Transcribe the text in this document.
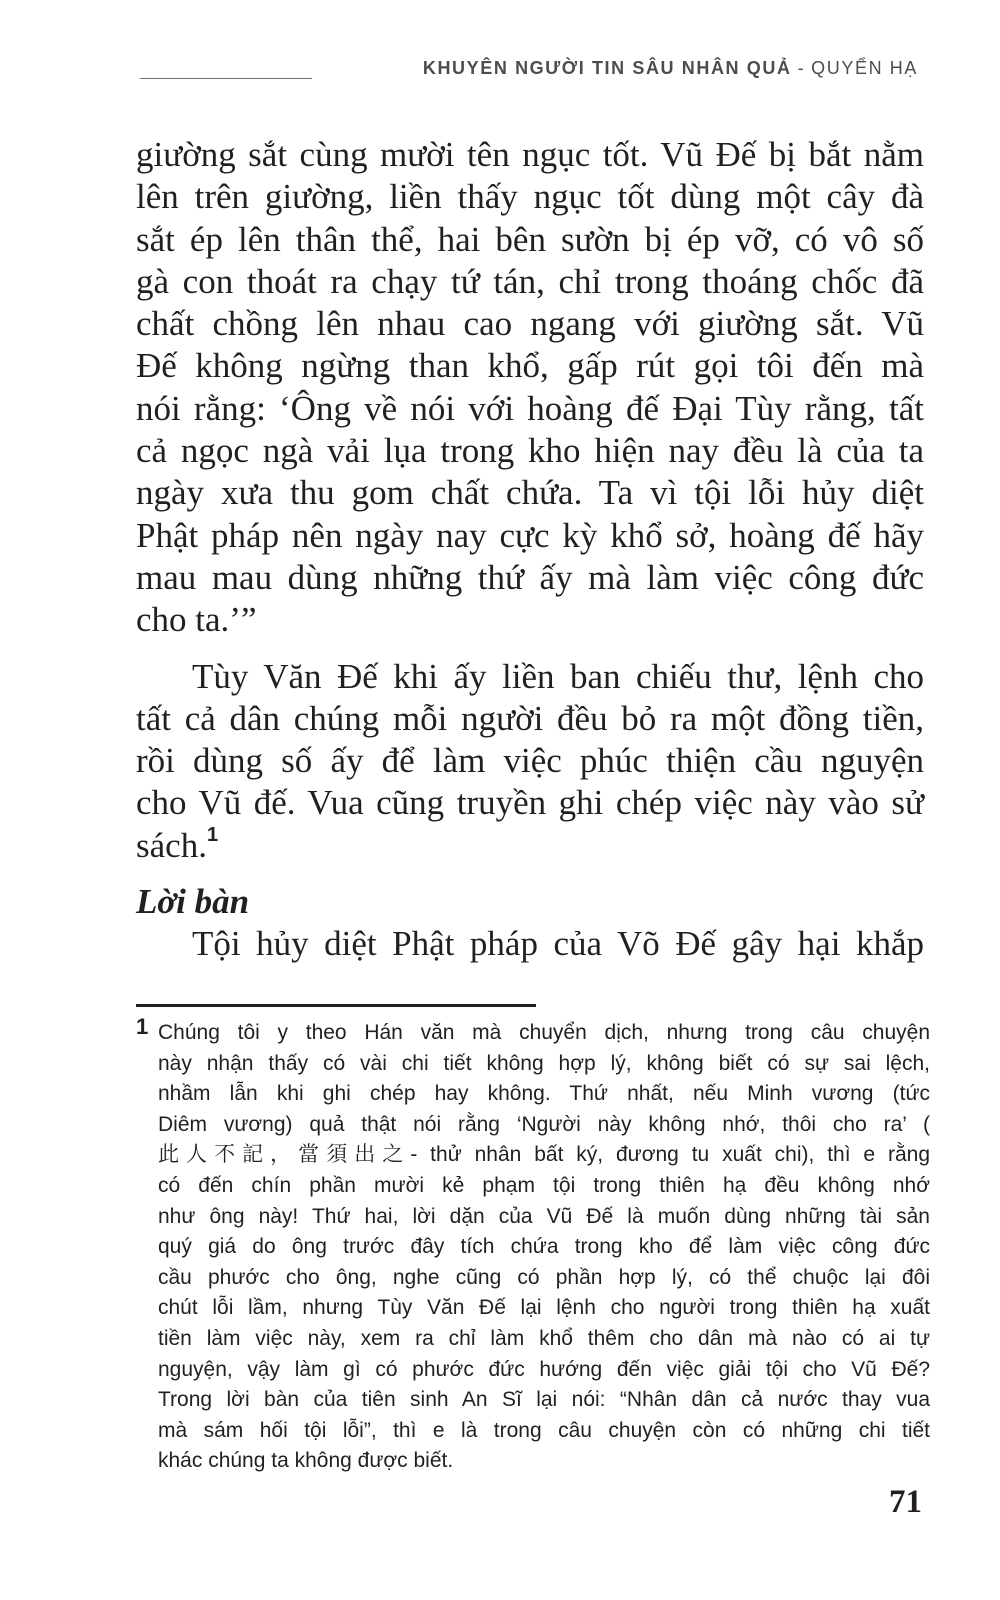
KHUYÊN NGƯỜI TIN SÂU NHÂN QUẢ - QUYỂN HẠ
giường sắt cùng mười tên ngục tốt. Vũ Đế bị bắt nằm
lên trên giường, liền thấy ngục tốt dùng một cây đà
sắt ép lên thân thể, hai bên sườn bị ép vỡ, có vô số
gà con thoát ra chạy tứ tán, chỉ trong thoáng chốc đã
chất chồng lên nhau cao ngang với giường sắt. Vũ
Đế không ngừng than khổ, gấp rút gọi tôi đến mà
nói rằng: ‘Ông về nói với hoàng đế Đại Tùy rằng, tất
cả ngọc ngà vải lụa trong kho hiện nay đều là của ta
ngày xưa thu gom chất chứa. Ta vì tội lỗi hủy diệt
Phật pháp nên ngày nay cực kỳ khổ sở, hoàng đế hãy
mau mau dùng những thứ ấy mà làm việc công đức
cho ta.’”
Tùy Văn Đế khi ấy liền ban chiếu thư, lệnh cho
tất cả dân chúng mỗi người đều bỏ ra một đồng tiền,
rồi dùng số ấy để làm việc phúc thiện cầu nguyện
cho Vũ đế. Vua cũng truyền ghi chép việc này vào sử
sách.$^1$
Lời bàn
Tội hủy diệt Phật pháp của Võ Đế gây hại khắp
1 Chúng tôi y theo Hán văn mà chuyển dịch, nhưng trong câu chuyện
này nhận thấy có vài chi tiết không hợp lý, không biết có sự sai lệch,
nhầm lẫn khi ghi chép hay không. Thứ nhất, nếu Minh vương (tức
Diêm vương) quả thật nói rằng ‘Người này không nhớ, thôi cho ra’ (
此人不記，當須出之- thử nhân bất ký, đương tu xuất chi), thì e rằng
có đến chín phần mười kẻ phạm tội trong thiên hạ đều không nhớ
như ông này! Thứ hai, lời dặn của Vũ Đế là muốn dùng những tài sản
quý giá do ông trước đây tích chứa trong kho để làm việc công đức
cầu phước cho ông, nghe cũng có phần hợp lý, có thể chuộc lại đôi
chút lỗi lầm, nhưng Tùy Văn Đế lại lệnh cho người trong thiên hạ xuất
tiền làm việc này, xem ra chỉ làm khổ thêm cho dân mà nào có ai tự
nguyện, vậy làm gì có phước đức hướng đến việc giải tội cho Vũ Đế?
Trong lời bàn của tiên sinh An Sĩ lại nói: “Nhân dân cả nước thay vua
mà sám hối tội lỗi”, thì e là trong câu chuyện còn có những chi tiết
khác chúng ta không được biết.
71
